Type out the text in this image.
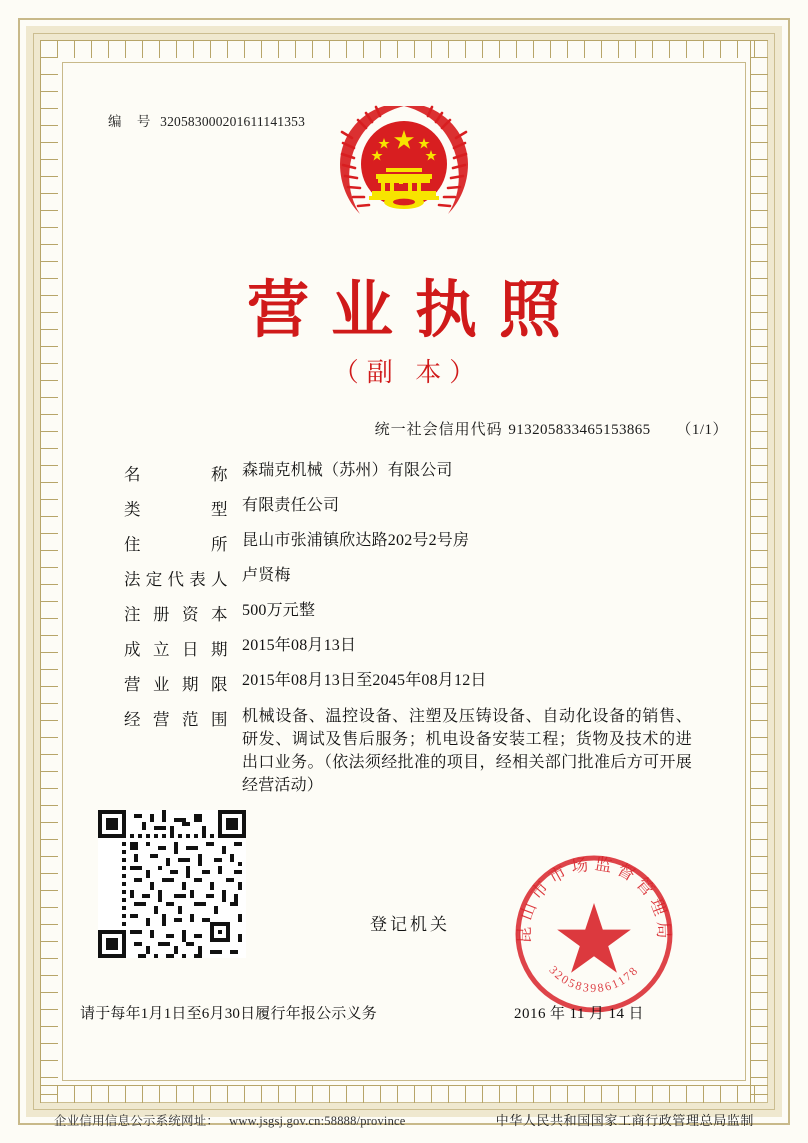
编 号 320583000201611141353
营业执照
（副 本）
统一社会信用代码 913205833465153865 （1/1）
名称 森瑞克机械（苏州）有限公司
类型 有限责任公司
住所 昆山市张浦镇欣达路202号2号房
法定代表人 卢贤梅
注册资本 500万元整
成立日期 2015年08月13日
营业期限 2015年08月13日至2045年08月12日
经营范围 机械设备、温控设备、注塑及压铸设备、自动化设备的销售、研发、调试及售后服务；机电设备安装工程；货物及技术的进出口业务。（依法须经批准的项目，经相关部门批准后方可开展经营活动）
登记机关	昆山市市场监督管理局
3205839861178
请于每年1月1日至6月30日履行年报公示义务	2016 年 11 月 14 日
企业信用信息公示系统网址： www.jsgsj.gov.cn:58888/province	中华人民共和国国家工商行政管理总局监制
